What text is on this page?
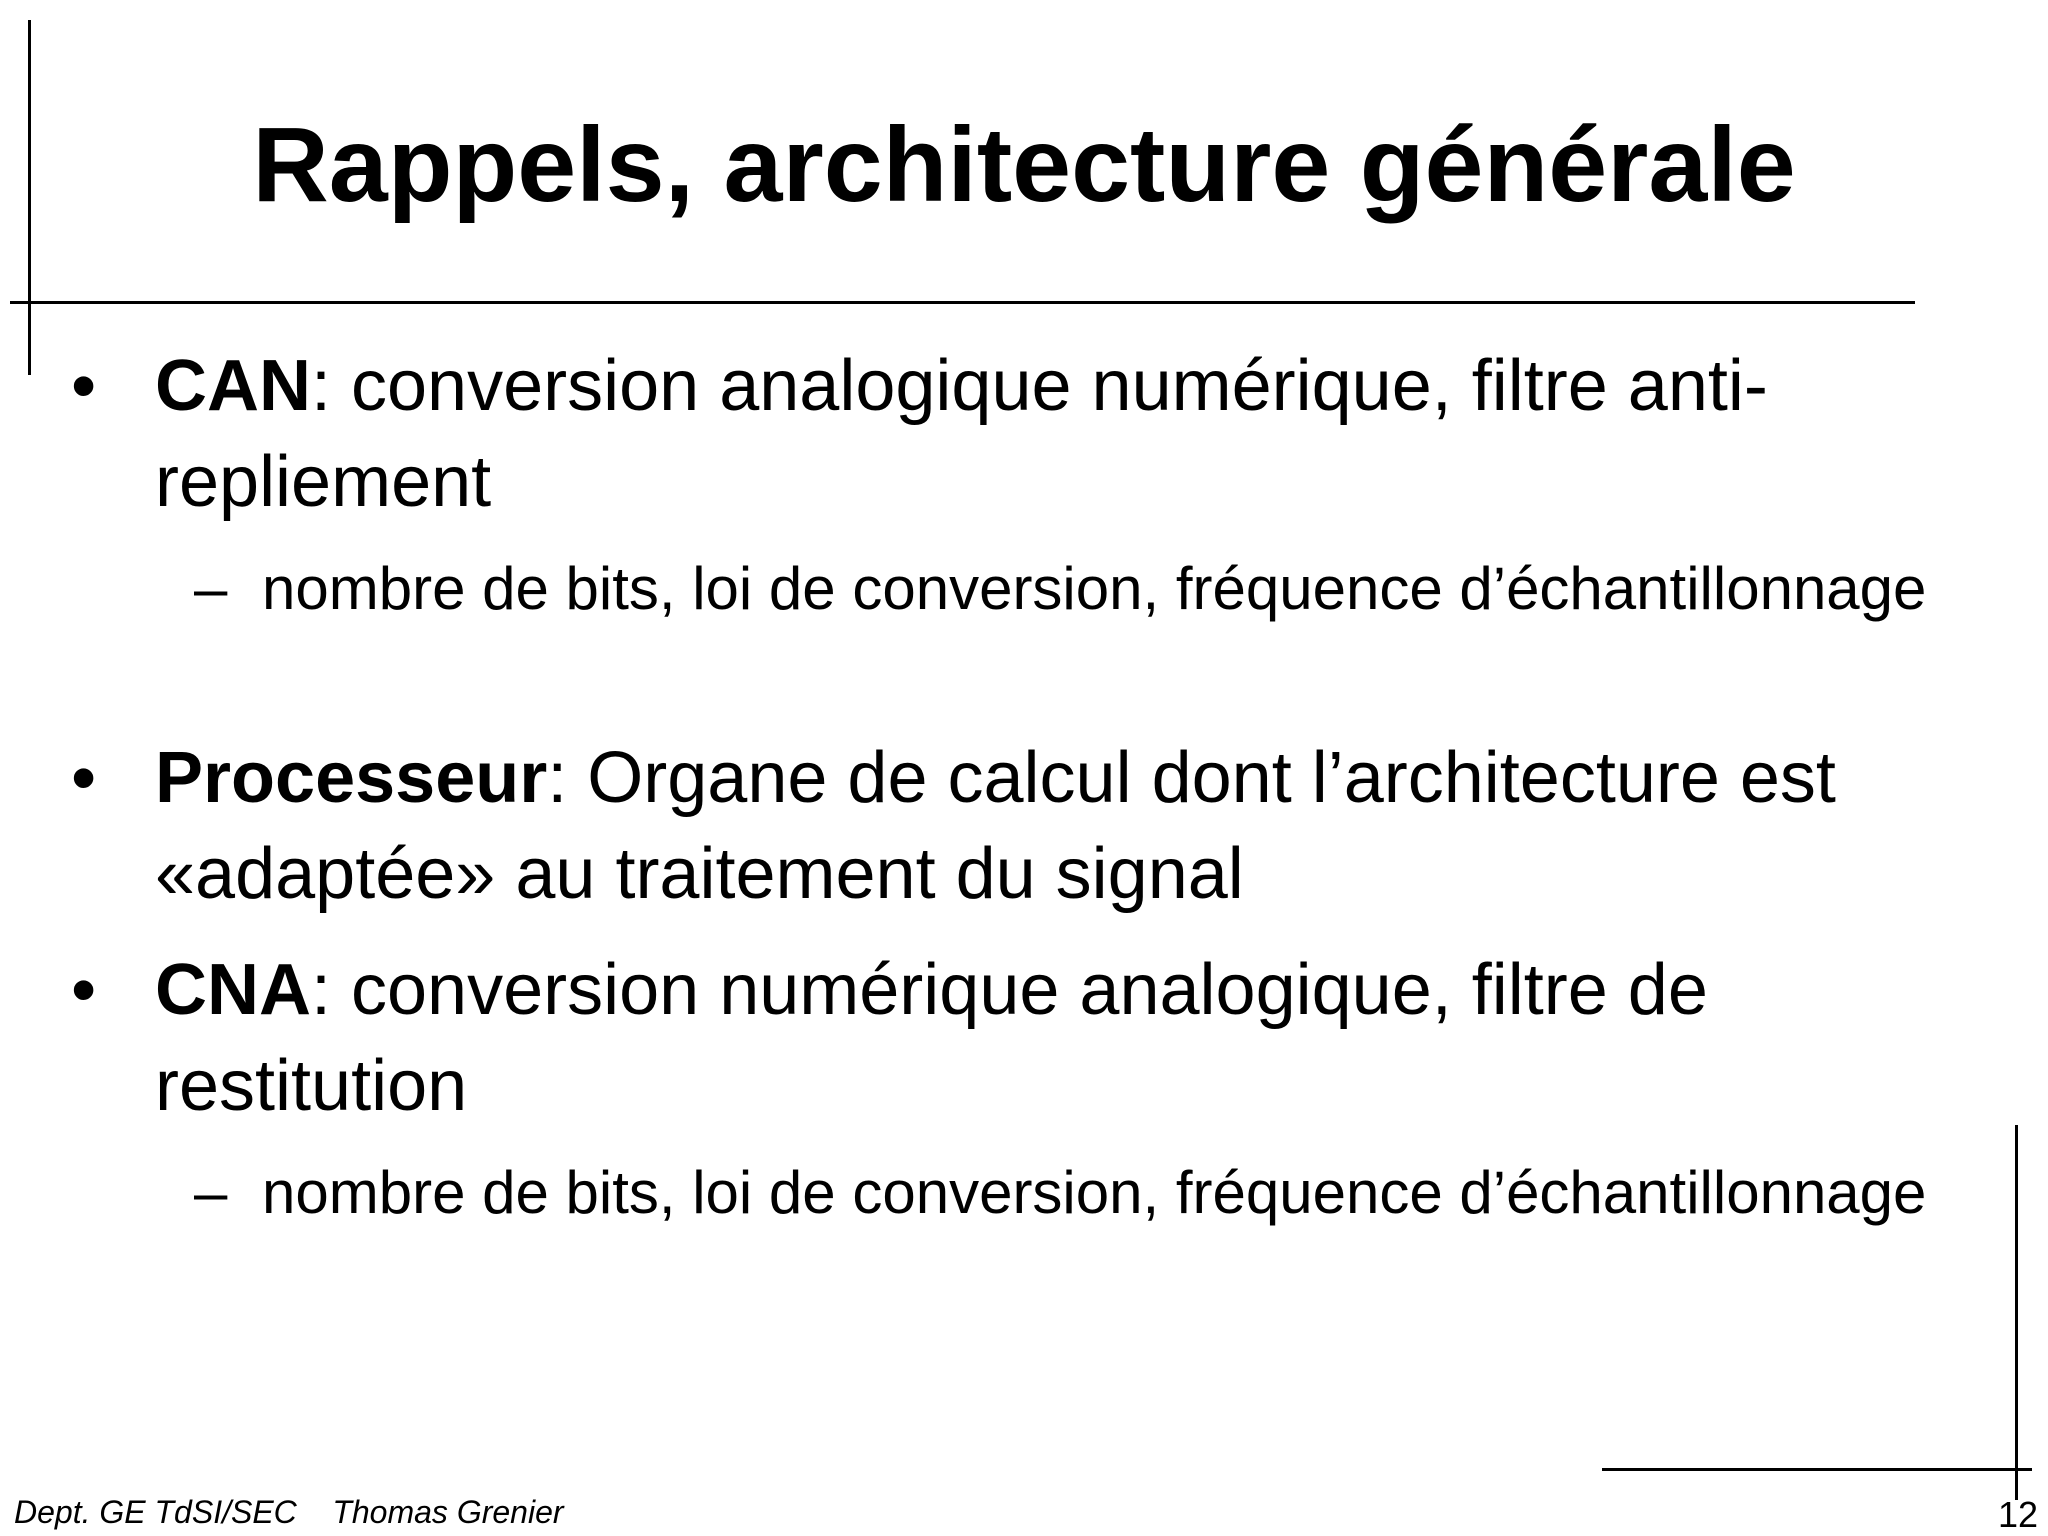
Rappels, architecture générale

• CAN: conversion analogique numérique, filtre anti-repliement

– nombre de bits, loi de conversion, fréquence d’échantillonnage

• Processeur: Organe de calcul dont l’architecture est «adaptée» au traitement du signal

• CNA: conversion numérique analogique, filtre de restitution

– nombre de bits, loi de conversion, fréquence d’échantillonnage

Dept. GE TdSI/SEC    Thomas Grenier	12
